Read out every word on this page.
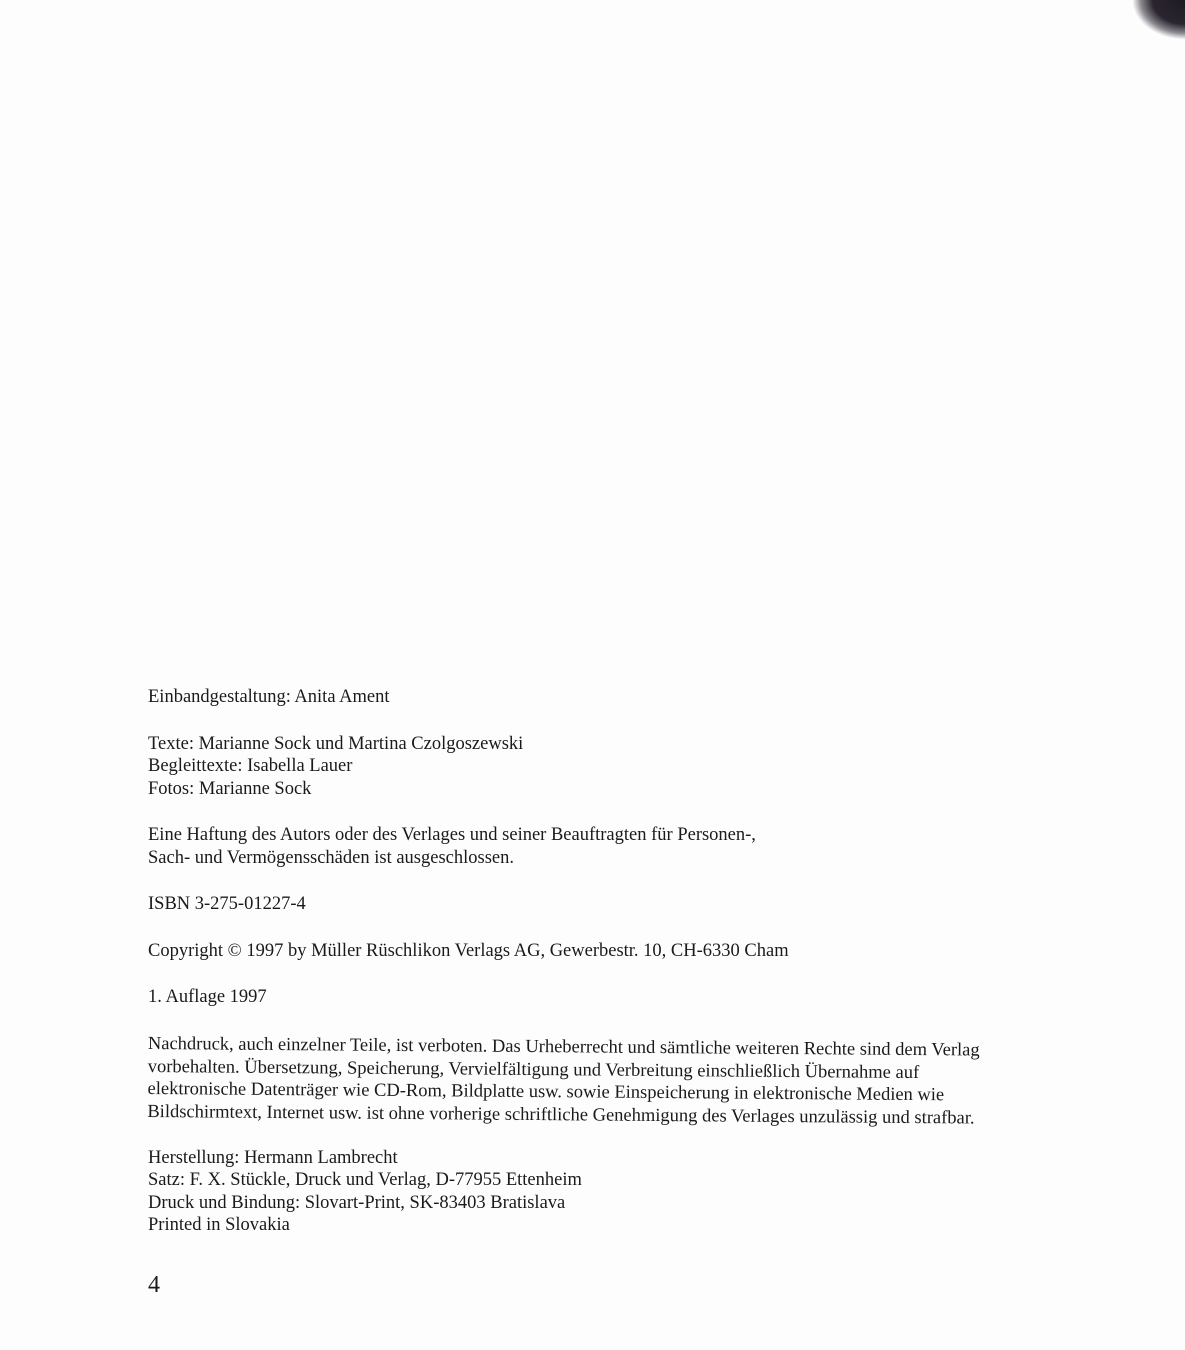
Einbandgestaltung: Anita Ament

Texte: Marianne Sock und Martina Czolgoszewski

Begleittexte: Isabella Lauer

Fotos: Marianne Sock

Eine Haftung des Autors oder des Verlages und seiner Beauftragten für Personen-,

Sach- und Vermögensschäden ist ausgeschlossen.

ISBN 3-275-01227-4

Copyright © 1997 by Müller Rüschlikon Verlags AG, Gewerbestr. 10, CH-6330 Cham

1. Auflage 1997

Nachdruck, auch einzelner Teile, ist verboten. Das Urheberrecht und sämtliche weiteren Rechte sind dem Verlag

vorbehalten. Übersetzung, Speicherung, Vervielfältigung und Verbreitung einschließlich Übernahme auf

elektronische Datenträger wie CD-Rom, Bildplatte usw. sowie Einspeicherung in elektronische Medien wie

Bildschirmtext, Internet usw. ist ohne vorherige schriftliche Genehmigung des Verlages unzulässig und strafbar.

Herstellung: Hermann Lambrecht

Satz: F. X. Stückle, Druck und Verlag, D-77955 Ettenheim

Druck und Bindung: Slovart-Print, SK-83403 Bratislava

Printed in Slovakia

4
